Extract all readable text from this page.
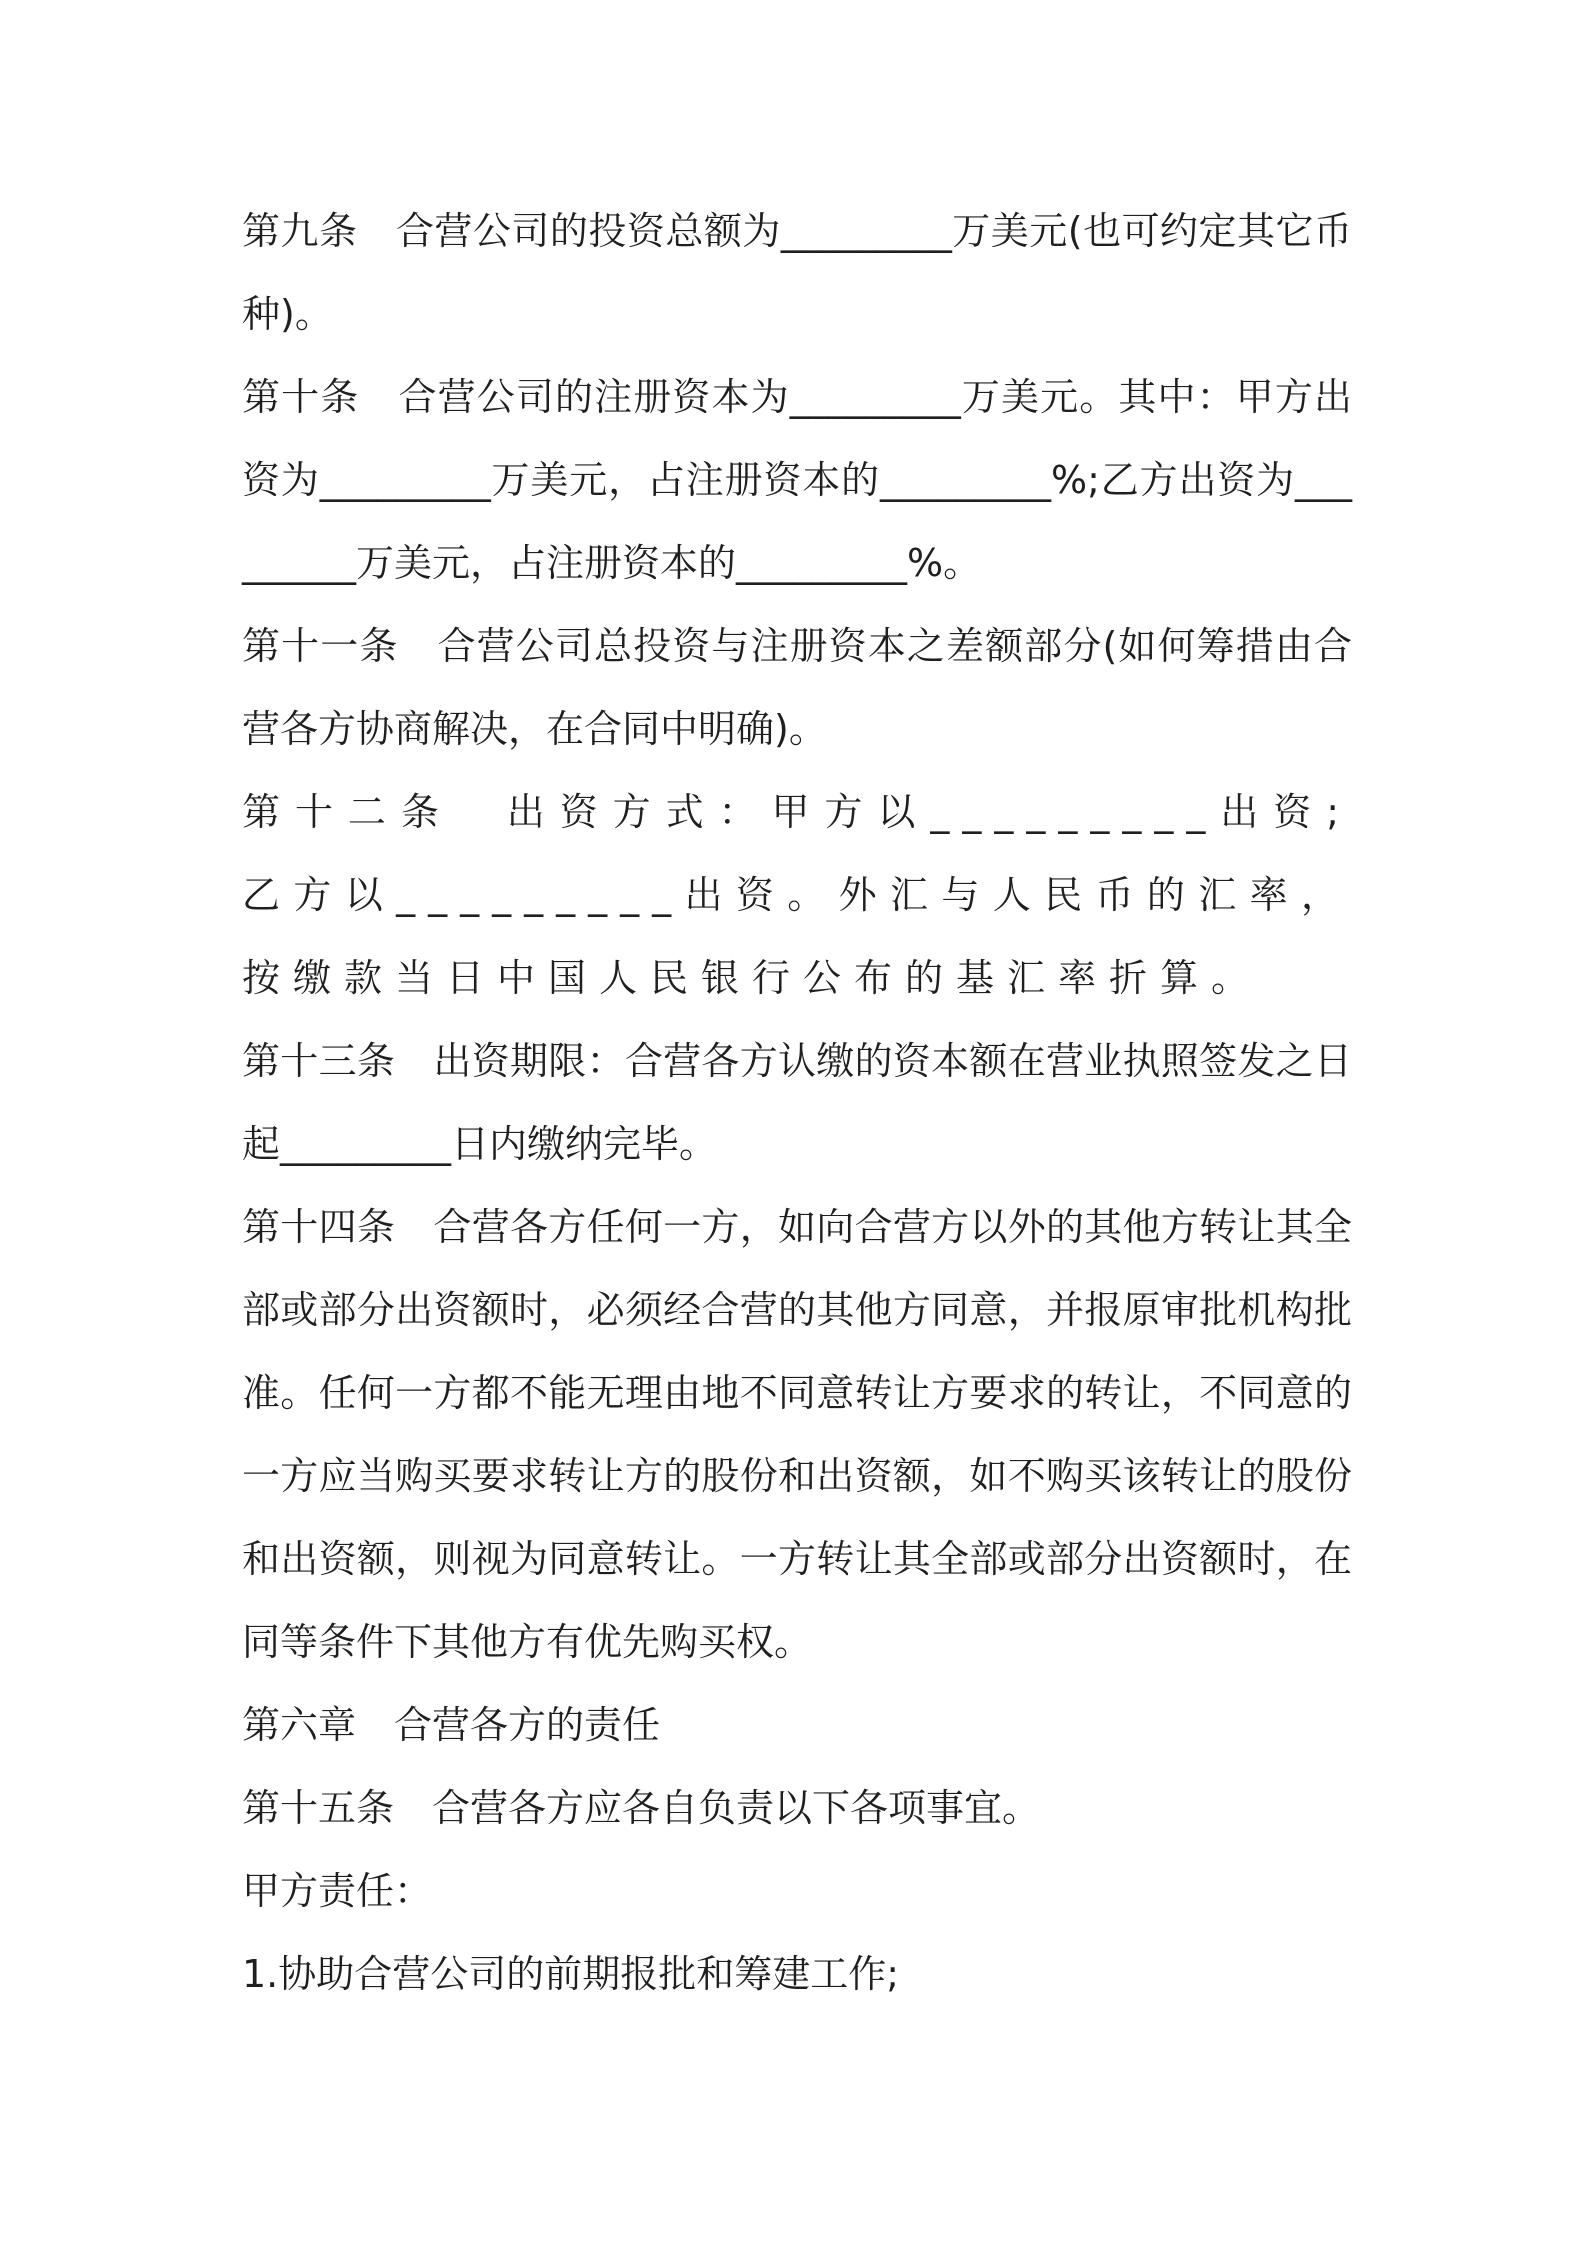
第九条　合营公司的投资总额为_________万美元(也可约定其它币种)。

第十条　合营公司的注册资本为_________万美元。其中：甲方出资为_________万美元，占注册资本的_________%;乙方出资为_________万美元，占注册资本的_________%。

第十一条　合营公司总投资与注册资本之差额部分(如何筹措由合营各方协商解决，在合同中明确)。

第十二条　出资方式：甲方以_________出资;乙方以_________出资。外汇与人民币的汇率，按缴款当日中国人民银行公布的基汇率折算。

第十三条　出资期限：合营各方认缴的资本额在营业执照签发之日起_________日内缴纳完毕。

第十四条　合营各方任何一方，如向合营方以外的其他方转让其全部或部分出资额时，必须经合营的其他方同意，并报原审批机构批准。任何一方都不能无理由地不同意转让方要求的转让，不同意的一方应当购买要求转让方的股份和出资额，如不购买该转让的股份和出资额，则视为同意转让。一方转让其全部或部分出资额时，在同等条件下其他方有优先购买权。

第六章　合营各方的责任

第十五条　合营各方应各自负责以下各项事宜。

甲方责任：

1.协助合营公司的前期报批和筹建工作;
